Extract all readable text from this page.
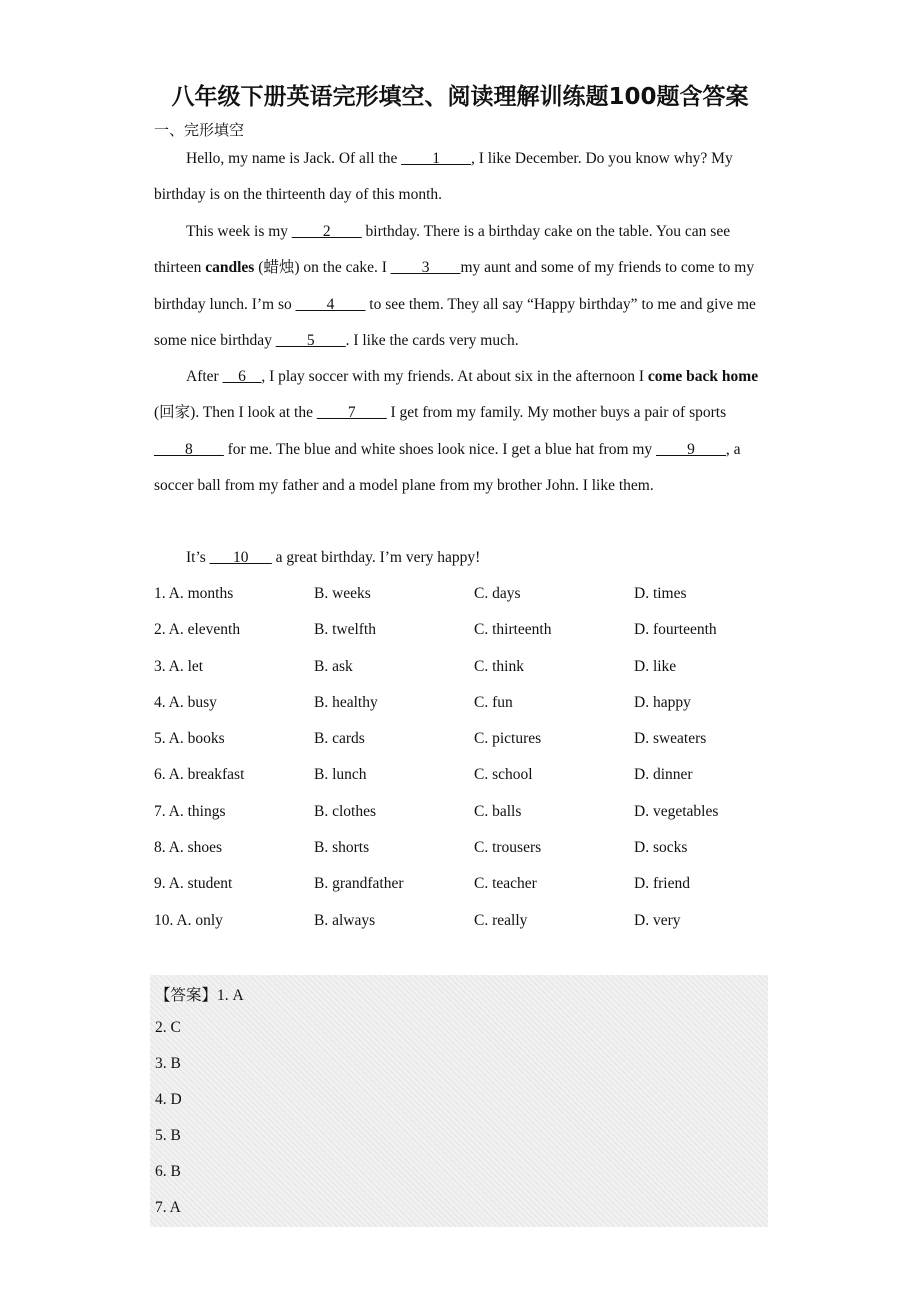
八年级下册英语完形填空、阅读理解训练题100题含答案
一、完形填空

Hello, my name is Jack. Of all the ____1____, I like December. Do you know why? My birthday is on the thirteenth day of this month.

This week is my ____2____ birthday. There is a birthday cake on the table. You can see thirteen candles (蜡烛) on the cake. I ____3____my aunt and some of my friends to come to my birthday lunch. I’m so ____4____ to see them. They all say “Happy birthday” to me and give me some nice birthday ____5____. I like the cards very much.

After __6__, I play soccer with my friends. At about six in the afternoon I come back home (回家). Then I look at the ____7____ I get from my family. My mother buys a pair of sports ____8____ for me. The blue and white shoes look nice. I get a blue hat from my ____9____, a soccer ball from my father and a model plane from my brother John. I like them.

It’s ___10___ a great birthday. I’m very happy!

1. A. months	B. weeks	C. days	D. times
2. A. eleventh	B. twelfth	C. thirteenth	D. fourteenth
3. A. let	B. ask	C. think	D. like
4. A. busy	B. healthy	C. fun	D. happy
5. A. books	B. cards	C. pictures	D. sweaters
6. A. breakfast	B. lunch	C. school	D. dinner
7. A. things	B. clothes	C. balls	D. vegetables
8. A. shoes	B. shorts	C. trousers	D. socks
9. A. student	B. grandfather	C. teacher	D. friend
10. A. only	B. always	C. really	D. very
【答案】1. A
2. C
3. B
4. D
5. B
6. B
7. A
